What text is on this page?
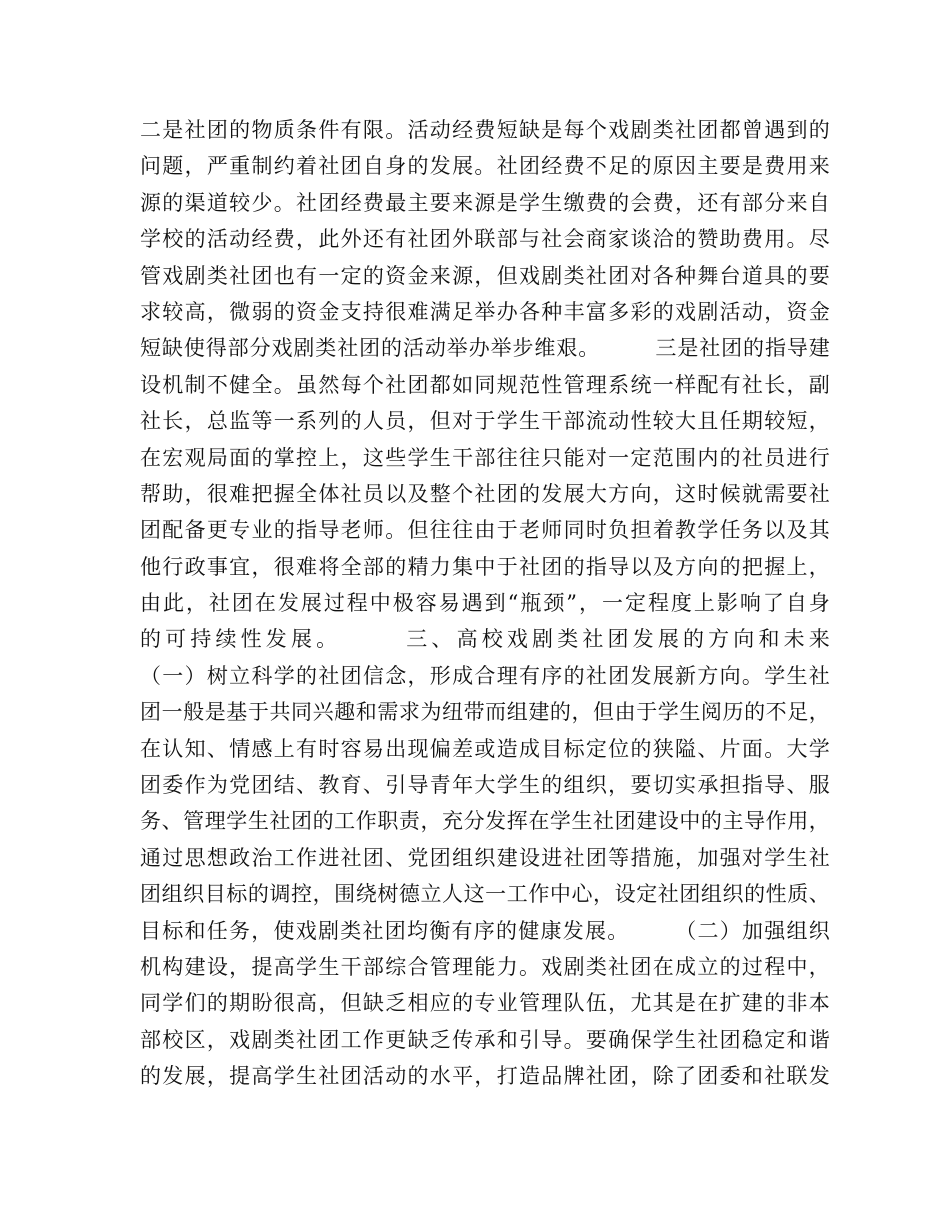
二是社团的物质条件有限。活动经费短缺是每个戏剧类社团都曾遇到的
问题，严重制约着社团自身的发展。社团经费不足的原因主要是费用来
源的渠道较少。社团经费最主要来源是学生缴费的会费，还有部分来自
学校的活动经费，此外还有社团外联部与社会商家谈洽的赞助费用。尽
管戏剧类社团也有一定的资金来源，但戏剧类社团对各种舞台道具的要
求较高，微弱的资金支持很难满足举办各种丰富多彩的戏剧活动，资金
短缺使得部分戏剧类社团的活动举办举步维艰。　　　三是社团的指导建
设机制不健全。虽然每个社团都如同规范性管理系统一样配有社长，副
社长，总监等一系列的人员，但对于学生干部流动性较大且任期较短，
在宏观局面的掌控上，这些学生干部往往只能对一定范围内的社员进行
帮助，很难把握全体社员以及整个社团的发展大方向，这时候就需要社
团配备更专业的指导老师。但往往由于老师同时负担着教学任务以及其
他行政事宜，很难将全部的精力集中于社团的指导以及方向的把握上，
由此，社团在发展过程中极容易遇到“瓶颈”，一定程度上影响了自身
的可持续性发展。　　　三、高校戏剧类社团发展的方向和未来
（一）树立科学的社团信念，形成合理有序的社团发展新方向。学生社
团一般是基于共同兴趣和需求为纽带而组建的，但由于学生阅历的不足，
在认知、情感上有时容易出现偏差或造成目标定位的狭隘、片面。大学
团委作为党团结、教育、引导青年大学生的组织，要切实承担指导、服
务、管理学生社团的工作职责，充分发挥在学生社团建设中的主导作用，
通过思想政治工作进社团、党团组织建设进社团等措施，加强对学生社
团组织目标的调控，围绕树德立人这一工作中心，设定社团组织的性质、
目标和任务，使戏剧类社团均衡有序的健康发展。　　　（二）加强组织
机构建设，提高学生干部综合管理能力。戏剧类社团在成立的过程中，
同学们的期盼很高，但缺乏相应的专业管理队伍，尤其是在扩建的非本
部校区，戏剧类社团工作更缺乏传承和引导。要确保学生社团稳定和谐
的发展，提高学生社团活动的水平，打造品牌社团，除了团委和社联发
